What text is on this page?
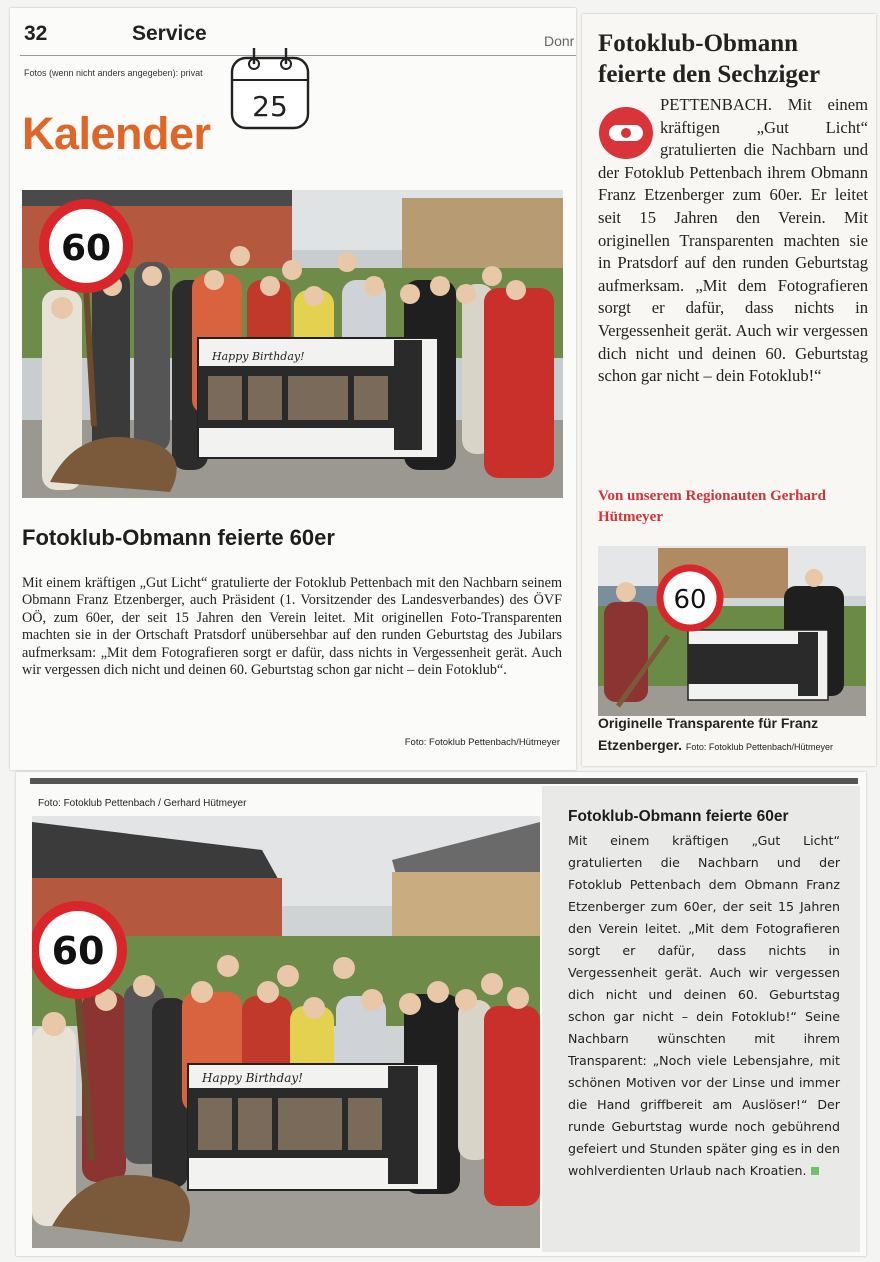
32	Service	Donr
Fotos (wenn nicht anders angegeben): privat
25
Kalender
Happy Birthday!
60
Fotoklub-Obmann feierte 60er
Mit einem kräftigen „Gut Licht“ gratulierte der Fotoklub Pettenbach mit den Nachbarn seinem Obmann Franz Etzenberger, auch Präsident (1. Vorsitzender des Landesverbandes) des ÖVF OÖ, zum 60er, der seit 15 Jahren den Verein leitet. Mit originellen Foto-Transparenten machten sie in der Ortschaft Pratsdorf unübersehbar auf den runden Geburtstag des Jubilars aufmerksam: „Mit dem Fotografieren sorgt er dafür, dass nichts in Vergessenheit gerät. Auch wir vergessen dich nicht und deinen 60. Geburtstag schon gar nicht – dein Fotoklub“.
Foto: Fotoklub Pettenbach/Hütmeyer
Fotoklub-Obmann feierte den Sechziger
PETTENBACH. Mit einem kräftigen „Gut Licht“ gratulierten die Nachbarn und der Fotoklub Pettenbach ihrem Obmann Franz Etzenberger zum 60er. Er leitet seit 15 Jahren den Verein. Mit originellen Transparenten machten sie in Pratsdorf auf den runden Geburtstag aufmerksam. „Mit dem Fotografieren sorgt er dafür, dass nichts in Vergessenheit gerät. Auch wir vergessen dich nicht und deinen 60. Geburtstag schon gar nicht – dein Fotoklub!“
Von unserem Regionauten Gerhard Hütmeyer
60
Originelle Transparente für Franz Etzenberger. Foto: Fotoklub Pettenbach/Hütmeyer
Foto: Fotoklub Pettenbach / Gerhard Hütmeyer
Happy Birthday!
60
Fotoklub-Obmann feierte 60er
Mit einem kräftigen „Gut Licht“ gratulierten die Nachbarn und der Fotoklub Pettenbach dem Obmann Franz Etzenberger zum 60er, der seit 15 Jahren den Verein leitet. „Mit dem Fotografieren sorgt er dafür, dass nichts in Vergessenheit gerät. Auch wir vergessen dich nicht und deinen 60. Geburtstag schon gar nicht – dein Fotoklub!“ Seine Nachbarn wünschten mit ihrem Transparent: „Noch viele Lebensjahre, mit schönen Motiven vor der Linse und immer die Hand griffbereit am Auslöser!“ Der runde Geburtstag wurde noch gebührend gefeiert und Stunden später ging es in den wohlverdienten Urlaub nach Kroatien.
